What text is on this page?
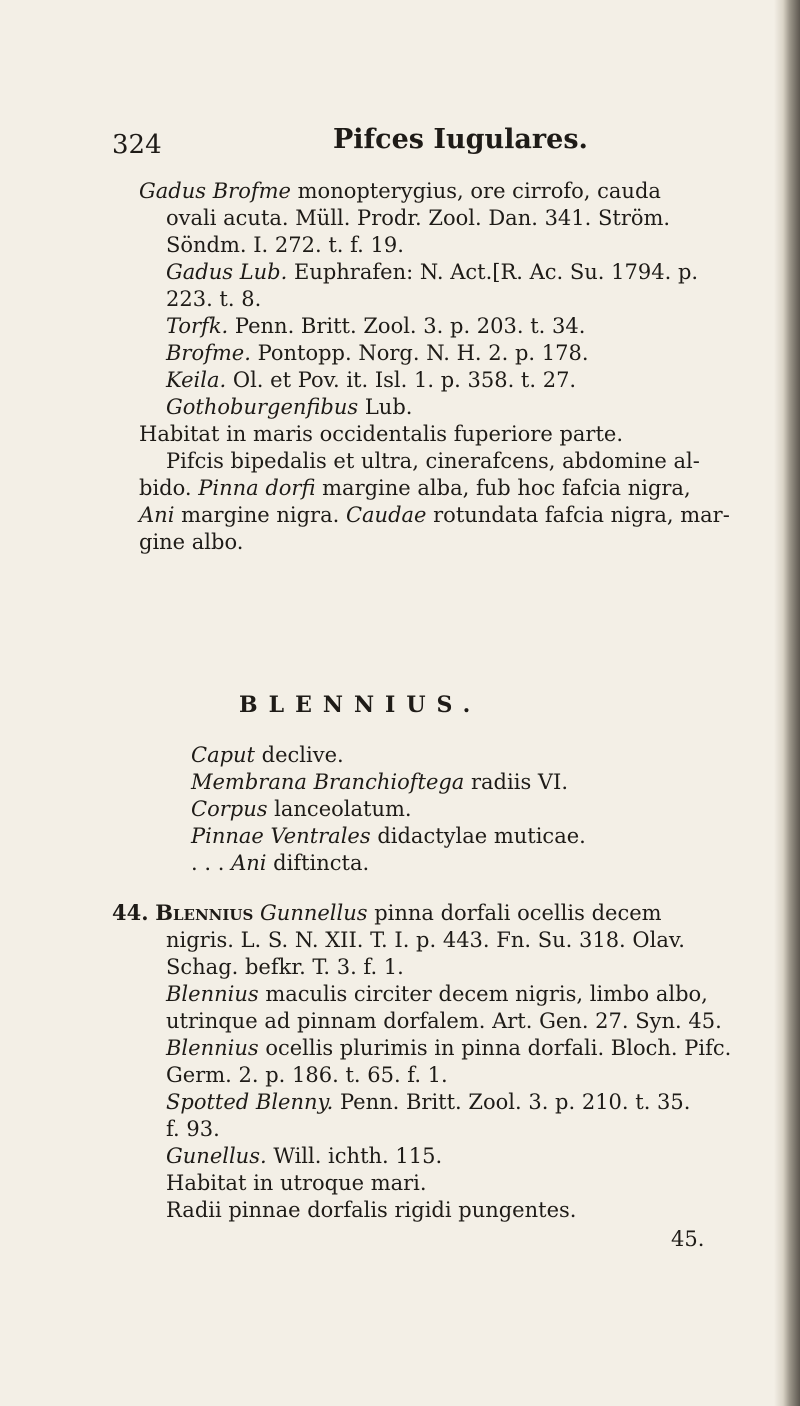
324	Pifces Iugulares.
Gadus Brofme monopterygius, ore cirrofo, cauda
ovali acuta. Müll. Prodr. Zool. Dan. 341. Ström.
Söndm. I. 272. t. f. 19.
Gadus Lub. Euphrafen: N. Act.[R. Ac. Su. 1794. p.
223. t. 8.
Torfk. Penn. Britt. Zool. 3. p. 203. t. 34.
Brofme. Pontopp. Norg. N. H. 2. p. 178.
Keila. Ol. et Pov. it. Isl. 1. p. 358. t. 27.
Gothoburgenfibus Lub.
Habitat in maris occidentalis fuperiore parte.
Pifcis bipedalis et ultra, cinerafcens, abdomine al-
bido. Pinna dorfi margine alba, fub hoc fafcia nigra,
Ani margine nigra. Caudae rotundata fafcia nigra, mar-
gine albo.
BLENNIUS.
Caput declive.
Membrana Branchioftega radiis VI.
Corpus lanceolatum.
Pinnae Ventrales didactylae muticae.
. . . Ani diftincta.
44. Blennius Gunnellus pinna dorfali ocellis decem
nigris. L. S. N. XII. T. I. p. 443. Fn. Su. 318. Olav.
Schag. befkr. T. 3. f. 1.
Blennius maculis circiter decem nigris, limbo albo,
utrinque ad pinnam dorfalem. Art. Gen. 27. Syn. 45.
Blennius ocellis plurimis in pinna dorfali. Bloch. Pifc.
Germ. 2. p. 186. t. 65. f. 1.
Spotted Blenny. Penn. Britt. Zool. 3. p. 210. t. 35.
f. 93.
Gunellus. Will. ichth. 115.
Habitat in utroque mari.
Radii pinnae dorfalis rigidi pungentes.
45.
